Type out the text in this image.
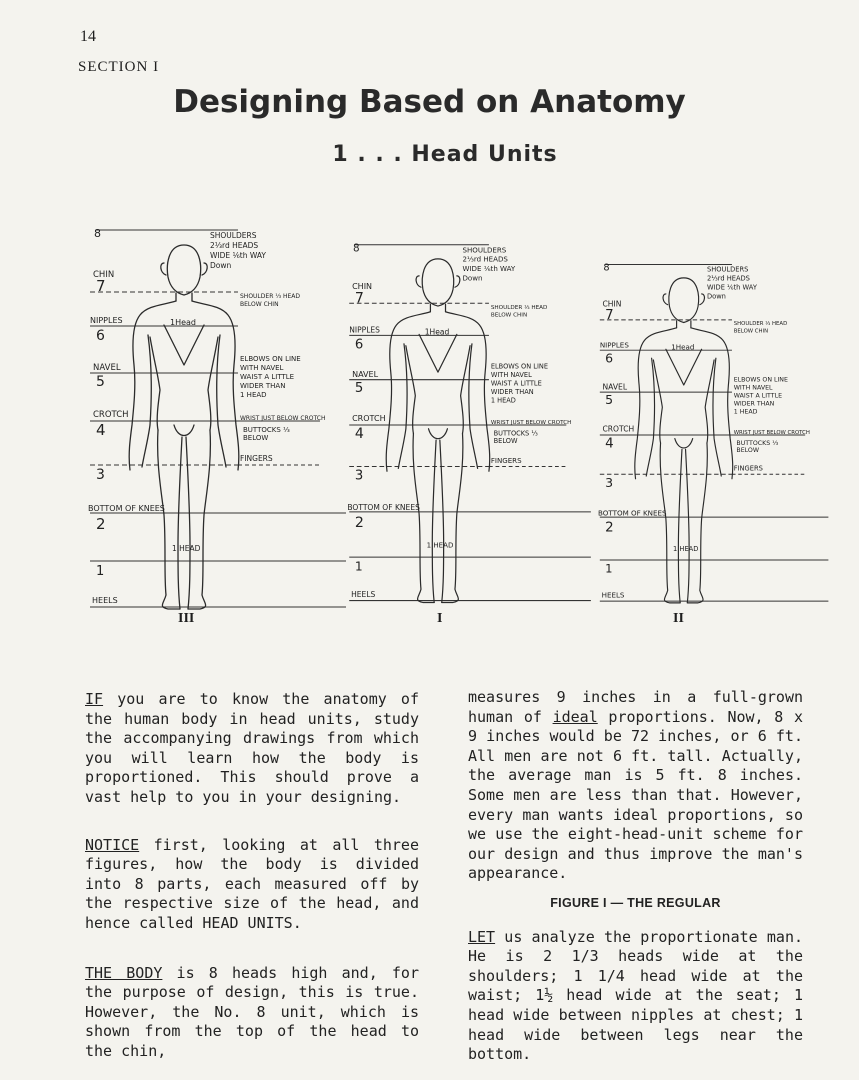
14
SECTION I
Designing Based on Anatomy
1 . . . Head Units
8
CHIN
7
NIPPLES
6
NAVEL
5
CROTCH
4
3
BOTTOM OF KNEES
2
1
HEELS
1Head
1 HEAD
SHOULDERS
2⅓rd HEADS
WIDE ⅙th WAY
Down
SHOULDER ⅓ HEAD
BELOW CHIN
ELBOWS ON LINE
WITH NAVEL
WAIST A LITTLE
WIDER THAN
1 HEAD
WRIST JUST BELOW CROTCH
BUTTOCKS ⅓
BELOW
FINGERS
8
CHIN
7
NIPPLES
6
NAVEL
5
CROTCH
4
3
BOTTOM OF KNEES
2
1
HEELS
1Head
1 HEAD
SHOULDERS
2⅓rd HEADS
WIDE ⅙th WAY
Down
SHOULDER ⅓ HEAD
BELOW CHIN
ELBOWS ON LINE
WITH NAVEL
WAIST A LITTLE
WIDER THAN
1 HEAD
WRIST JUST BELOW CROTCH
BUTTOCKS ⅓
BELOW
FINGERS
8
CHIN
7
NIPPLES
6
NAVEL
5
CROTCH
4
3
BOTTOM OF KNEES
2
1
HEELS
1Head
1 HEAD
SHOULDERS
2⅓rd HEADS
WIDE ⅙th WAY
Down
SHOULDER ⅓ HEAD
BELOW CHIN
ELBOWS ON LINE
WITH NAVEL
WAIST A LITTLE
WIDER THAN
1 HEAD
WRIST JUST BELOW CROTCH
BUTTOCKS ⅓
BELOW
FINGERS
III	I	II

IF you are to know the anatomy of the human body in head units, study the accompanying drawings from which you will learn how the body is proportioned. This should prove a vast help to you in your designing.

NOTICE first, looking at all three figures, how the body is divided into 8 parts, each measured off by the respective size of the head, and hence called HEAD UNITS.

THE BODY is 8 heads high and, for the purpose of design, this is true. However, the No. 8 unit, which is shown from the top of the head to the chin,

measures 9 inches in a full-grown human of ideal proportions. Now, 8 x 9 inches would be 72 inches, or 6 ft. All men are not 6 ft. tall. Actually, the average man is 5 ft. 8 inches. Some men are less than that. However, every man wants ideal proportions, so we use the eight-head-unit scheme for our design and thus improve the man's appearance.

FIGURE I — THE REGULAR

LET us analyze the proportionate man. He is 2 1/3 heads wide at the shoulders; 1 1/4 head wide at the waist; 1½ head wide at the seat; 1 head wide between nipples at chest; 1 head wide between legs near the bottom.
